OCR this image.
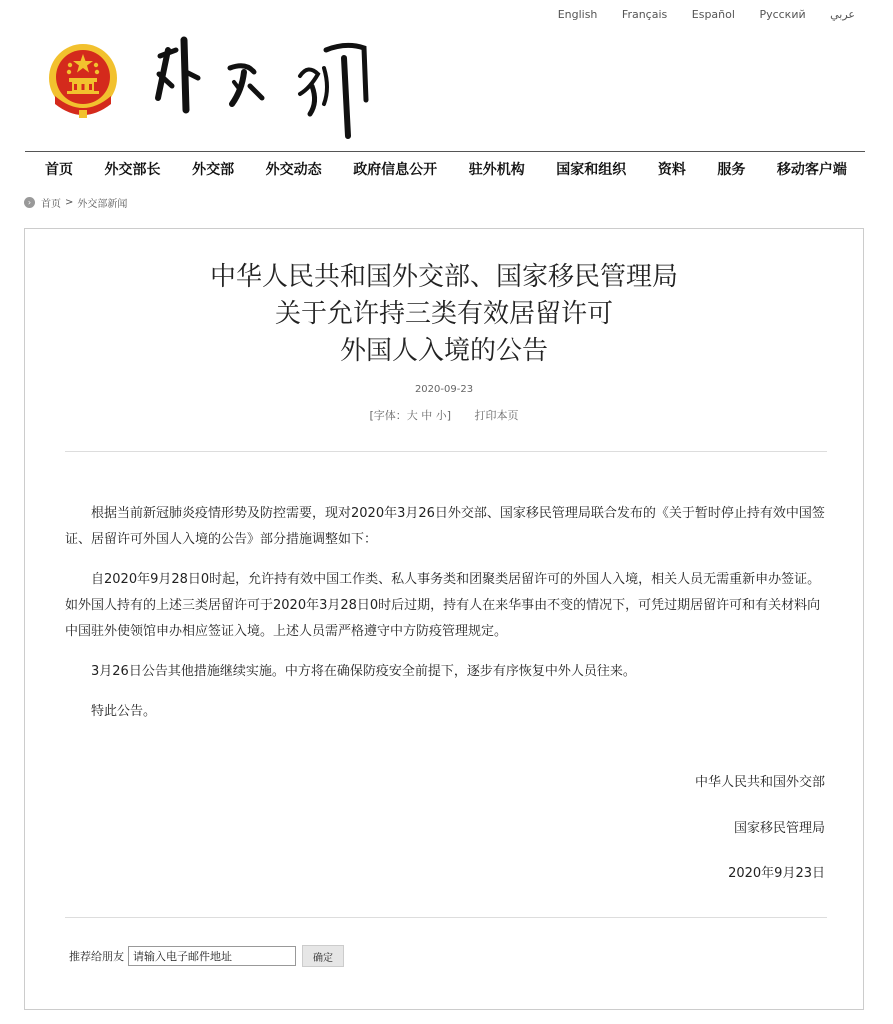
English Français Español Русский عربي
首页 外交部长 外交部 外交动态 政府信息公开 驻外机构 国家和组织 资料 服务 移动客户端
› 首页 > 外交部新闻
中华人民共和国外交部、国家移民管理局
关于允许持三类有效居留许可
外国人入境的公告
2020-09-23
[字体：大 中 小] 打印本页

根据当前新冠肺炎疫情形势及防控需要，现对2020年3月26日外交部、国家移民管理局联合发布的《关于暂时停止持有效中国签证、居留许可外国人入境的公告》部分措施调整如下：

自2020年9月28日0时起，允许持有效中国工作类、私人事务类和团聚类居留许可的外国人入境，相关人员无需重新申办签证。如外国人持有的上述三类居留许可于2020年3月28日0时后过期，持有人在来华事由不变的情况下，可凭过期居留许可和有关材料向中国驻外使领馆申办相应签证入境。上述人员需严格遵守中方防疫管理规定。

3月26日公告其他措施继续实施。中方将在确保防疫安全前提下，逐步有序恢复中外人员往来。

特此公告。

中华人民共和国外交部
国家移民管理局
2020年9月23日
推荐给朋友
请输入电子邮件地址	确定
